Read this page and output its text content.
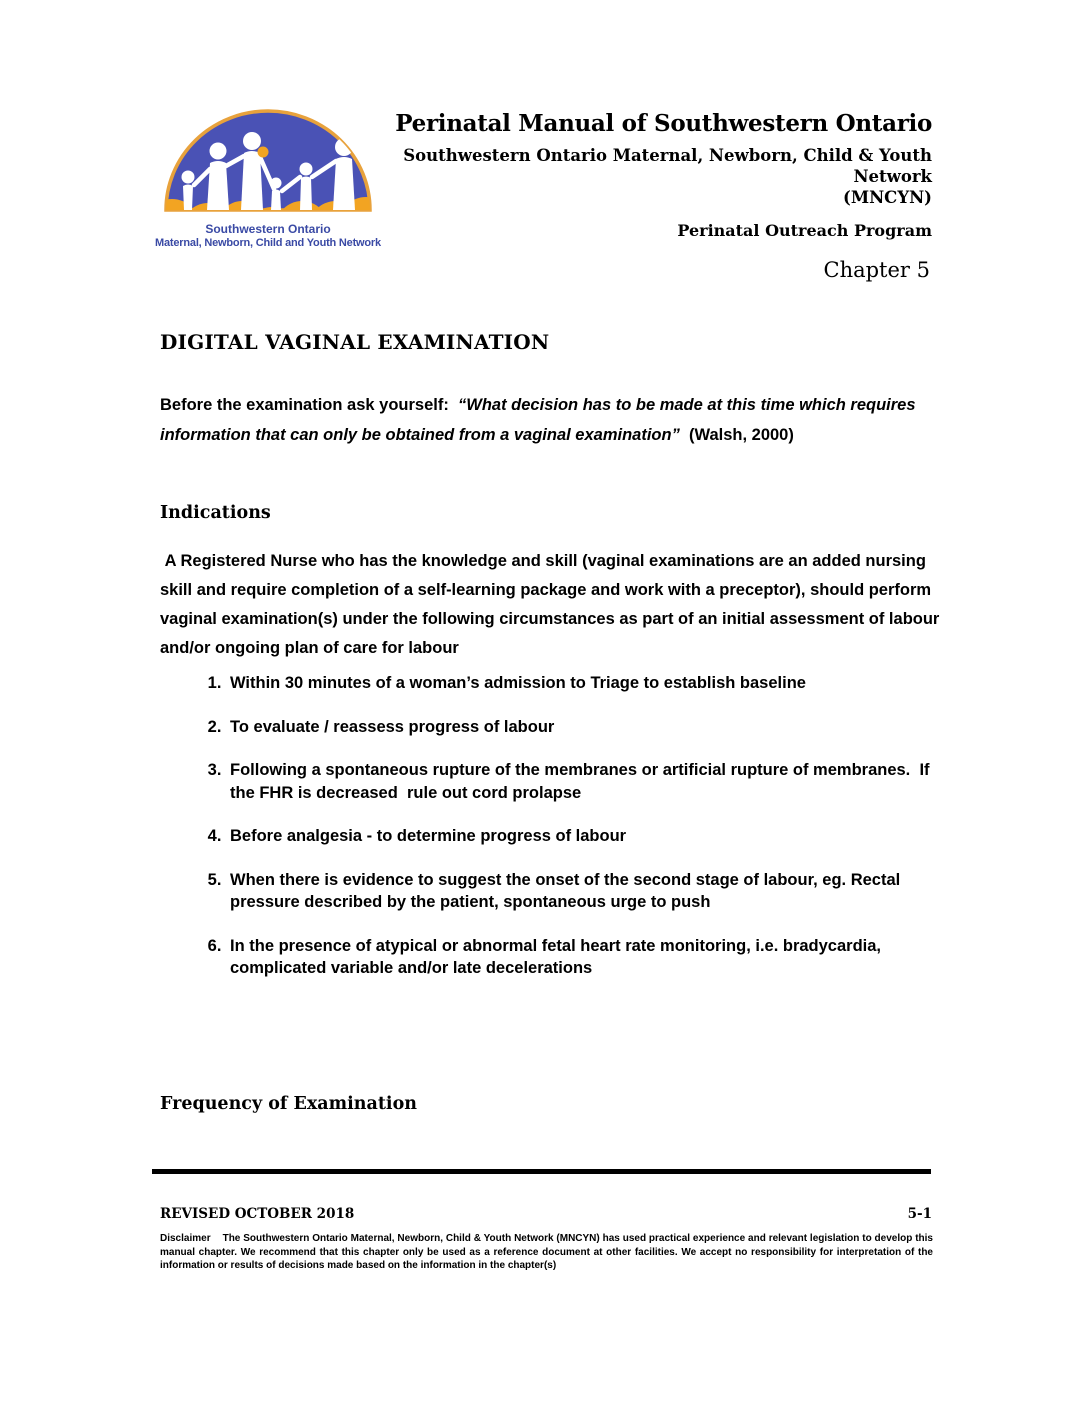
Southwestern Ontario
Maternal, Newborn, Child and Youth Network
Perinatal Manual of Southwestern Ontario
Southwestern Ontario Maternal, Newborn, Child & Youth Network
(MNCYN)
Perinatal Outreach Program
Chapter 5
DIGITAL VAGINAL EXAMINATION

Before the examination ask yourself:  “What decision has to be made at this time which requires information that can only be obtained from a vaginal examination”  (Walsh, 2000)

Indications

A Registered Nurse who has the knowledge and skill (vaginal examinations are an added nursing skill and require completion of a self-learning package and work with a preceptor), should perform vaginal examination(s) under the following circumstances as part of an initial assessment of labour and/or ongoing plan of care for labour

1. Within 30 minutes of a woman’s admission to Triage to establish baseline
2. To evaluate / reassess progress of labour
3. Following a spontaneous rupture of the membranes or artificial rupture of membranes.  If the FHR is decreased  rule out cord prolapse
4. Before analgesia - to determine progress of labour
5. When there is evidence to suggest the onset of the second stage of labour, eg. Rectal pressure described by the patient, spontaneous urge to push
6. In the presence of atypical or abnormal fetal heart rate monitoring, i.e. bradycardia, complicated variable and/or late decelerations
Frequency of Examination
REVISED OCTOBER 2018	5-1

Disclaimer The Southwestern Ontario Maternal, Newborn, Child & Youth Network (MNCYN) has used practical experience and relevant legislation to develop this manual chapter. We recommend that this chapter only be used as a reference document at other facilities. We accept no responsibility for interpretation of the information or results of decisions made based on the information in the chapter(s)
